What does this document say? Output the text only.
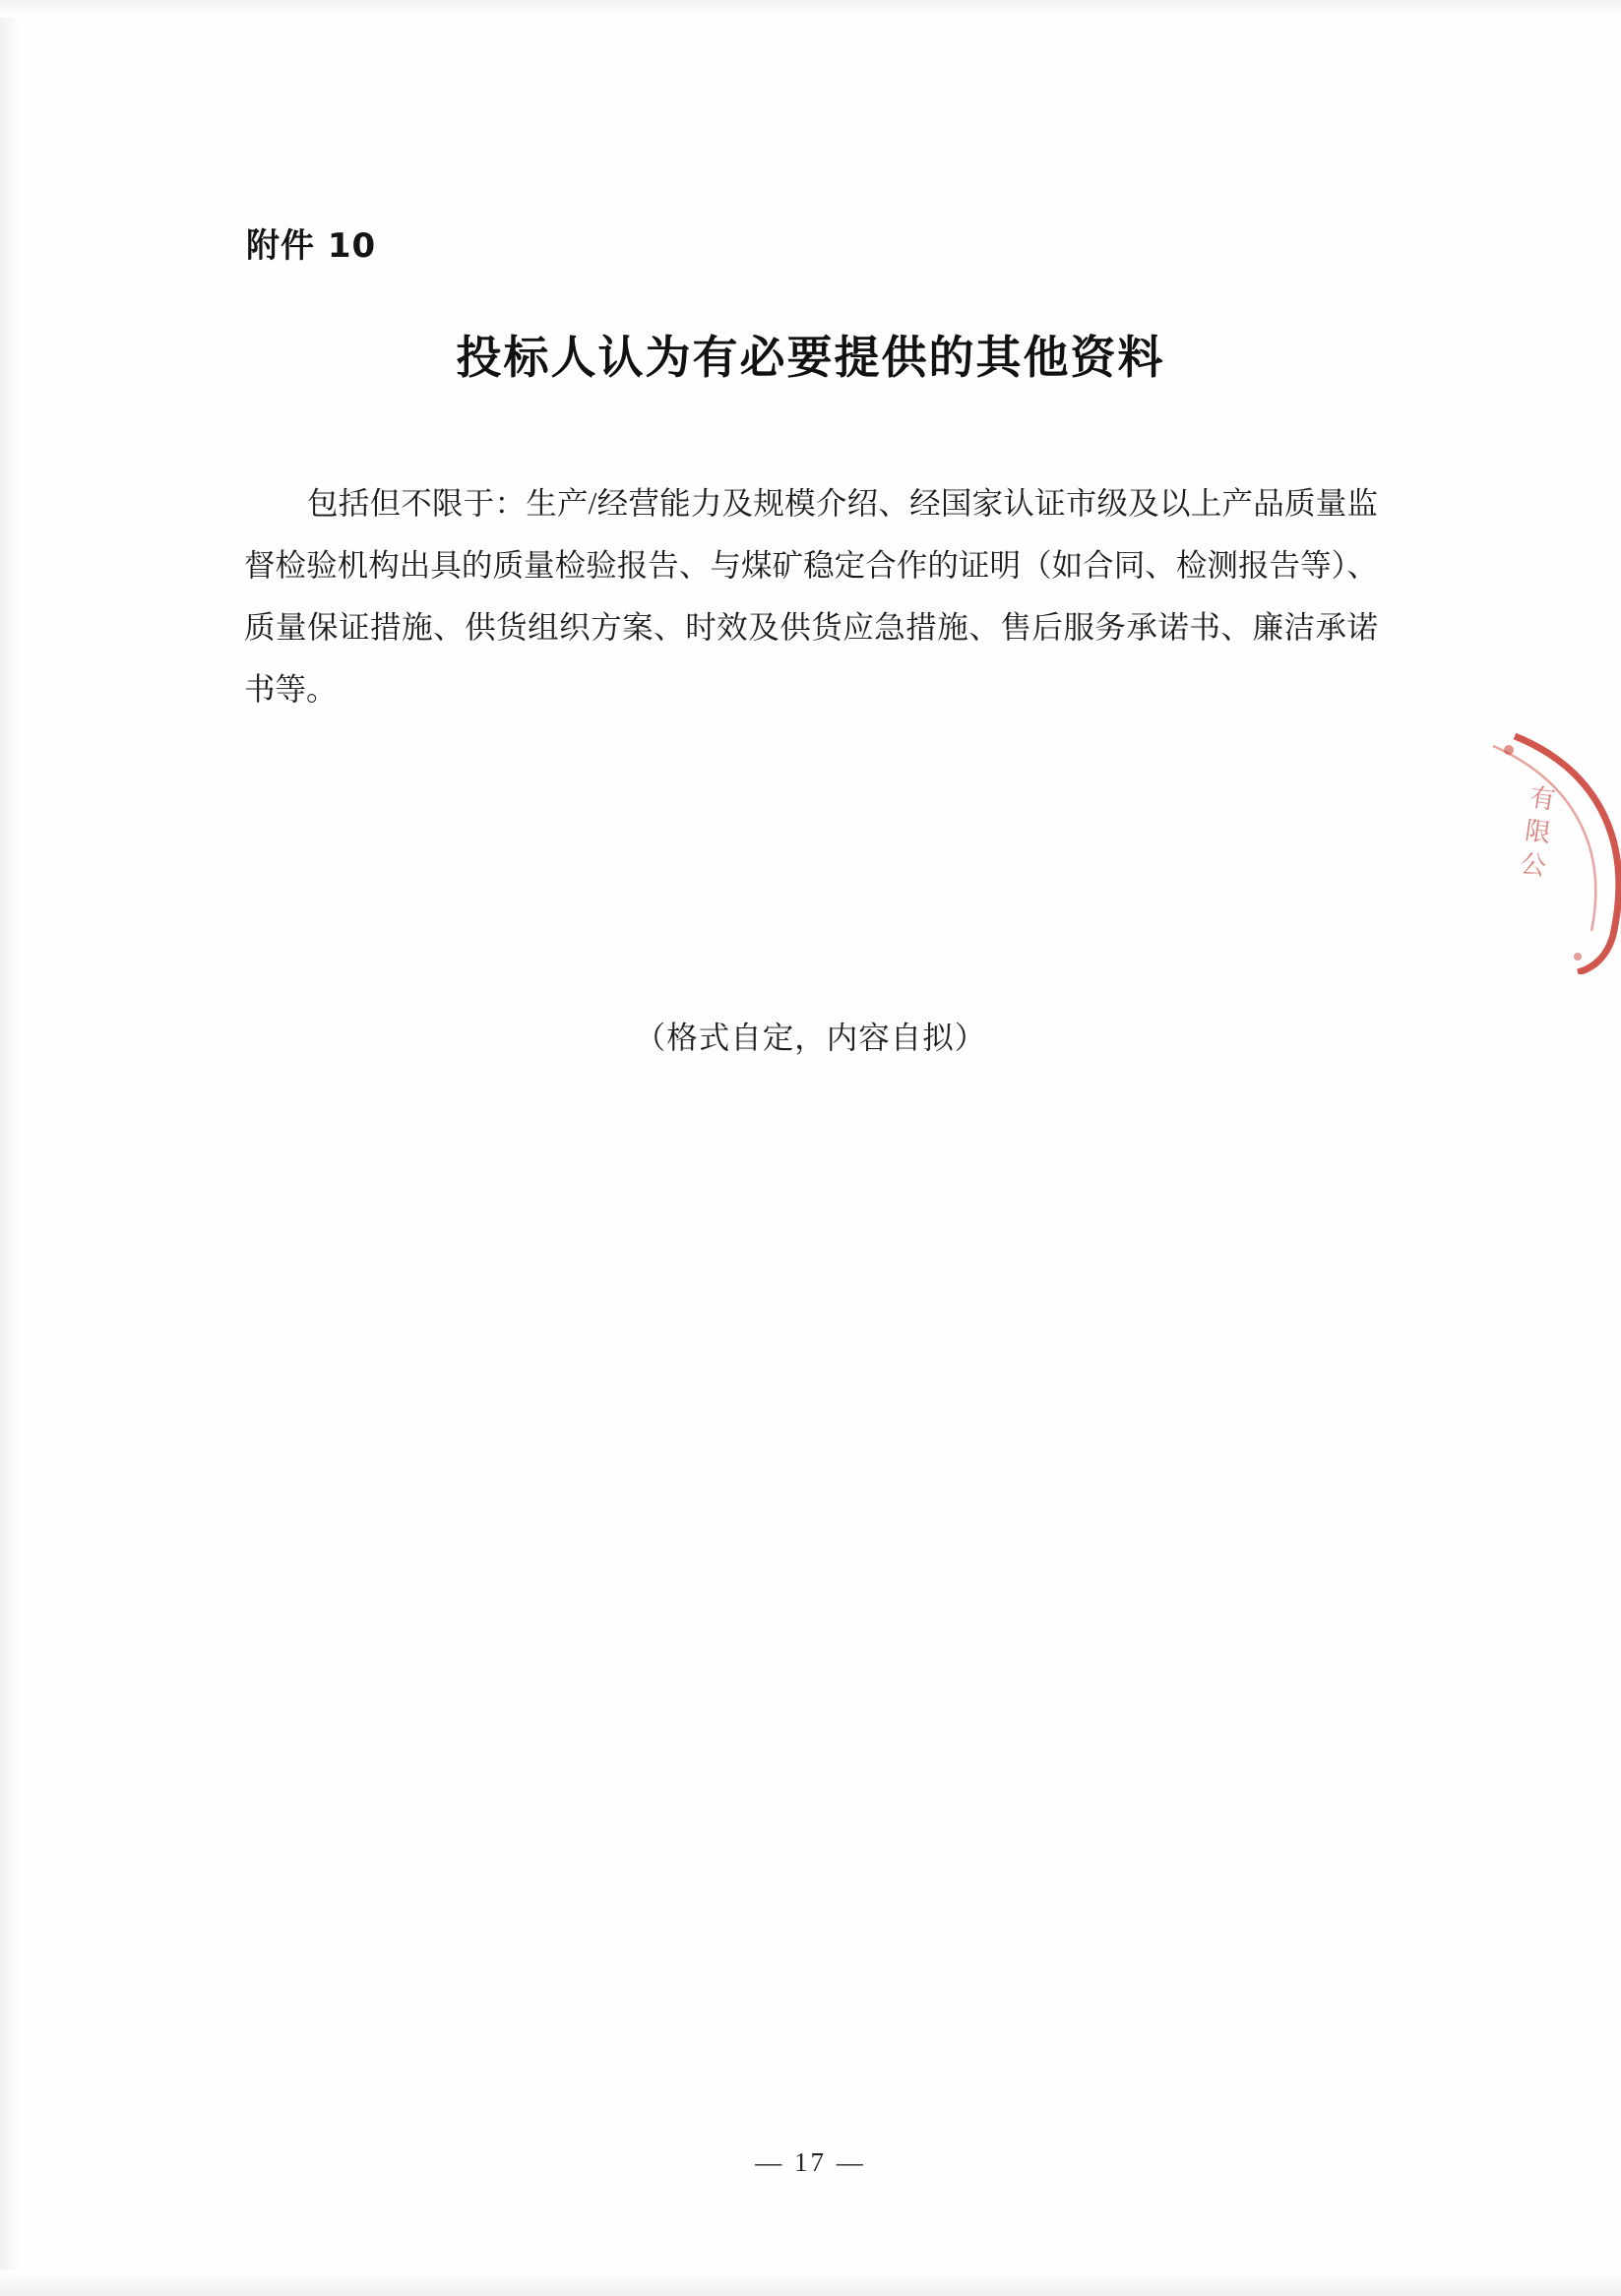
附件 10
投标人认为有必要提供的其他资料

包括但不限于：生产/经营能力及规模介绍、经国家认证市级及以上产品质量监督检验机构出具的质量检验报告、与煤矿稳定合作的证明（如合同、检测报告等）、质量保证措施、供货组织方案、时效及供货应急措施、售后服务承诺书、廉洁承诺书等。

（格式自定，内容自拟）
有限公
— 17 —
